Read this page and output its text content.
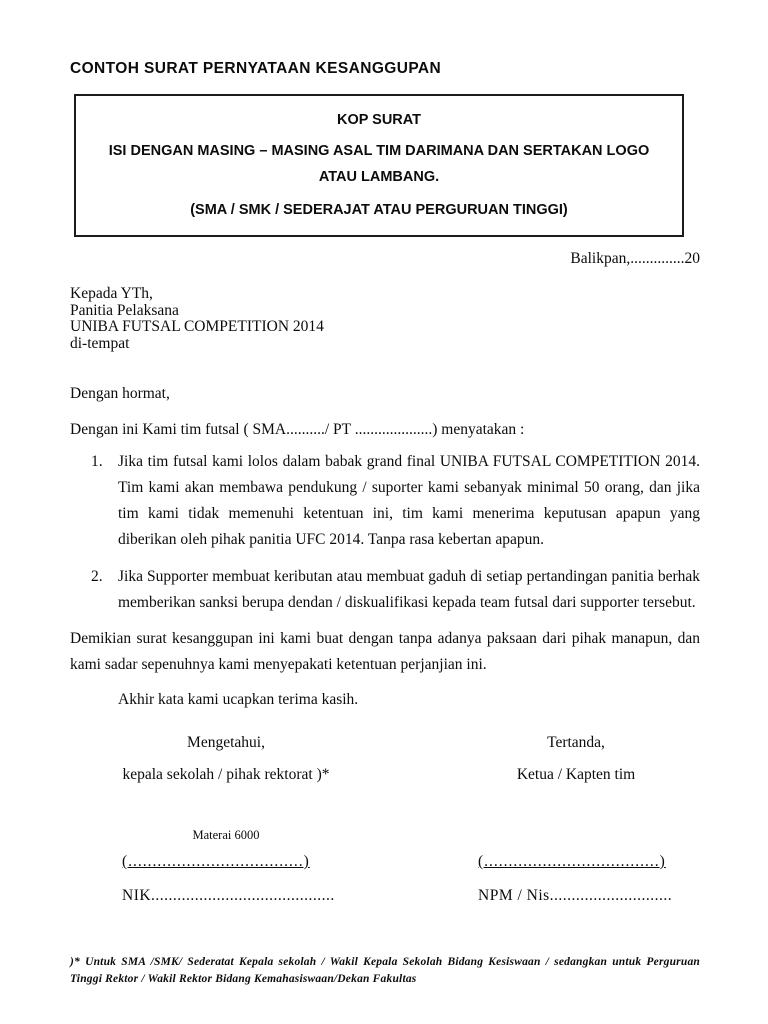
CONTOH SURAT PERNYATAAN KESANGGUPAN
KOP SURAT
ISI DENGAN MASING – MASING ASAL TIM DARIMANA DAN SERTAKAN LOGO ATAU LAMBANG.
(SMA / SMK / SEDERAJAT ATAU PERGURUAN TINGGI)
Balikpan,..............20
Kepada YTh,
Panitia Pelaksana
UNIBA FUTSAL COMPETITION 2014
di-tempat
Dengan hormat,
Dengan ini Kami tim futsal ( SMA........../ PT ....................) menyatakan :
1. Jika tim futsal kami lolos dalam babak grand final UNIBA FUTSAL COMPETITION 2014. Tim kami akan membawa pendukung / suporter kami sebanyak minimal 50 orang, dan jika tim kami tidak memenuhi ketentuan ini, tim kami menerima keputusan apapun yang diberikan oleh pihak panitia UFC 2014. Tanpa rasa kebertan apapun.
2. Jika Supporter membuat keributan atau membuat gaduh di setiap pertandingan panitia berhak memberikan sanksi berupa dendan / diskualifikasi kepada team futsal dari supporter tersebut.
Demikian surat kesanggupan ini kami buat dengan tanpa adanya paksaan dari pihak manapun, dan kami sadar sepenuhnya kami menyepakati ketentuan perjanjian ini.
Akhir kata kami ucapkan terima kasih.
Mengetahui,
kepala sekolah / pihak rektorat )*
Materai 6000
(....................................)
NIK..........................................
Tertanda,
Ketua / Kapten tim
(....................................)
NPM / Nis............................
)* Untuk SMA /SMK/ Sederatat Kepala sekolah / Wakil Kepala Sekolah Bidang Kesiswaan / sedangkan untuk Perguruan Tinggi Rektor / Wakil Rektor Bidang Kemahasiswaan/Dekan Fakultas
